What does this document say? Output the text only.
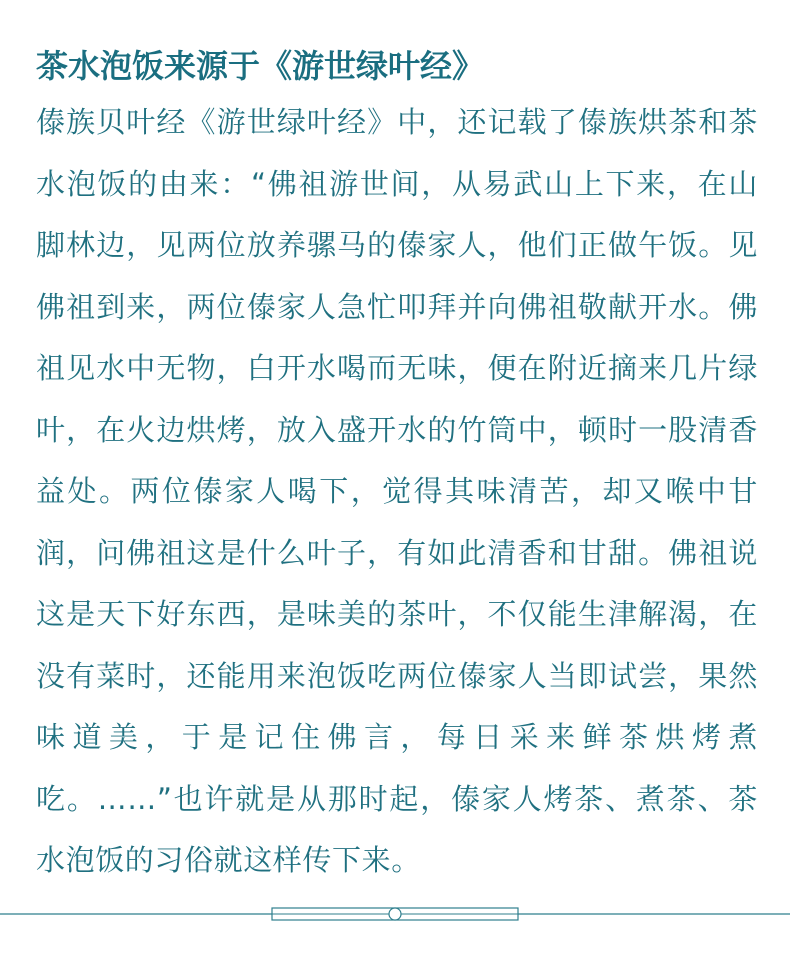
茶水泡饭来源于《游世绿叶经》

傣族贝叶经《游世绿叶经》中，还记载了傣族烘茶和茶水泡饭的由来：“佛祖游世间，从易武山上下来，在山脚林边，见两位放养骡马的傣家人，他们正做午饭。见佛祖到来，两位傣家人急忙叩拜并向佛祖敬献开水。佛祖见水中无物，白开水喝而无味，便在附近摘来几片绿叶，在火边烘烤，放入盛开水的竹筒中，顿时一股清香益处。两位傣家人喝下，觉得其味清苦，却又喉中甘润，问佛祖这是什么叶子，有如此清香和甘甜。佛祖说这是天下好东西，是味美的茶叶，不仅能生津解渴，在没有菜时，还能用来泡饭吃两位傣家人当即试尝，果然味道美，于是记住佛言，每日采来鲜茶烘烤煮吃。……”也许就是从那时起，傣家人烤茶、煮茶、茶水泡饭的习俗就这样传下来。
